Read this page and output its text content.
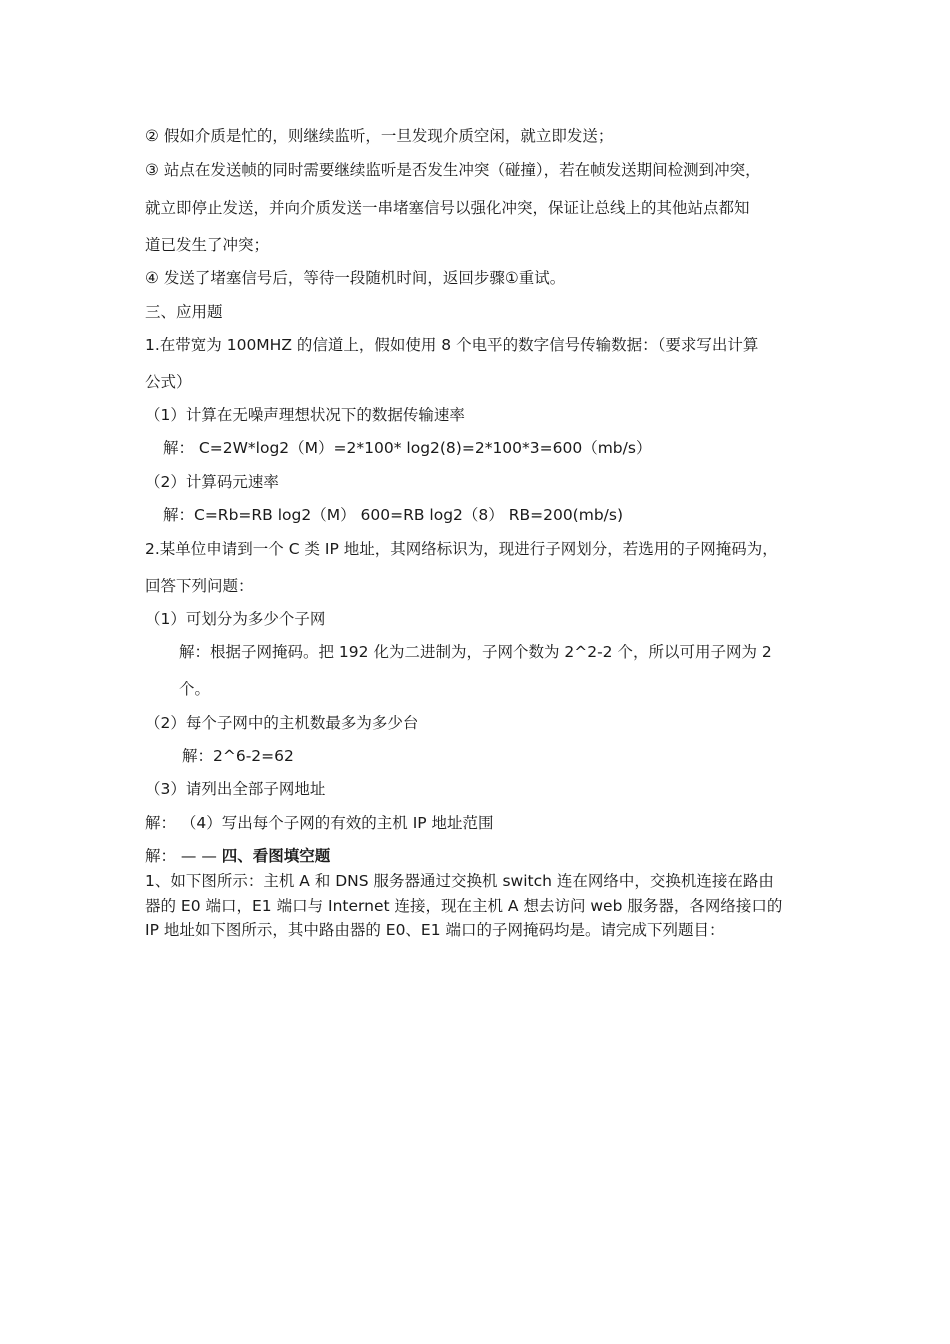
② 假如介质是忙的，则继续监听，一旦发现介质空闲，就立即发送；
③ 站点在发送帧的同时需要继续监听是否发生冲突（碰撞），若在帧发送期间检测到冲突，
就立即停止发送，并向介质发送一串堵塞信号以强化冲突，保证让总线上的其他站点都知
道已发生了冲突；
④ 发送了堵塞信号后，等待一段随机时间，返回步骤①重试。
三、应用题
1.在带宽为 100MHZ 的信道上，假如使用 8 个电平的数字信号传输数据：（要求写出计算
公式）
（1）计算在无噪声理想状况下的数据传输速率
解： C=2W*log2（M）=2*100* log2(8)=2*100*3=600（mb/s）
（2）计算码元速率
解：C=Rb=RB log2（M） 600=RB log2（8） RB=200(mb/s)
2.某单位申请到一个 C 类 IP 地址，其网络标识为，现进行子网划分，若选用的子网掩码为，
回答下列问题：
（1）可划分为多少个子网
解：根据子网掩码。把 192 化为二进制为，子网个数为 2^2-2 个，所以可用子网为 2
个。
（2）每个子网中的主机数最多为多少台
解：2^6-2=62
（3）请列出全部子网地址
解： （4）写出每个子网的有效的主机 IP 地址范围
解： — — 四、看图填空题
1、如下图所示：主机 A 和 DNS 服务器通过交换机 switch 连在网络中，交换机连接在路由
器的 E0 端口，E1 端口与 Internet 连接，现在主机 A 想去访问 web 服务器，各网络接口的
IP 地址如下图所示，其中路由器的 E0、E1 端口的子网掩码均是。请完成下列题目：
